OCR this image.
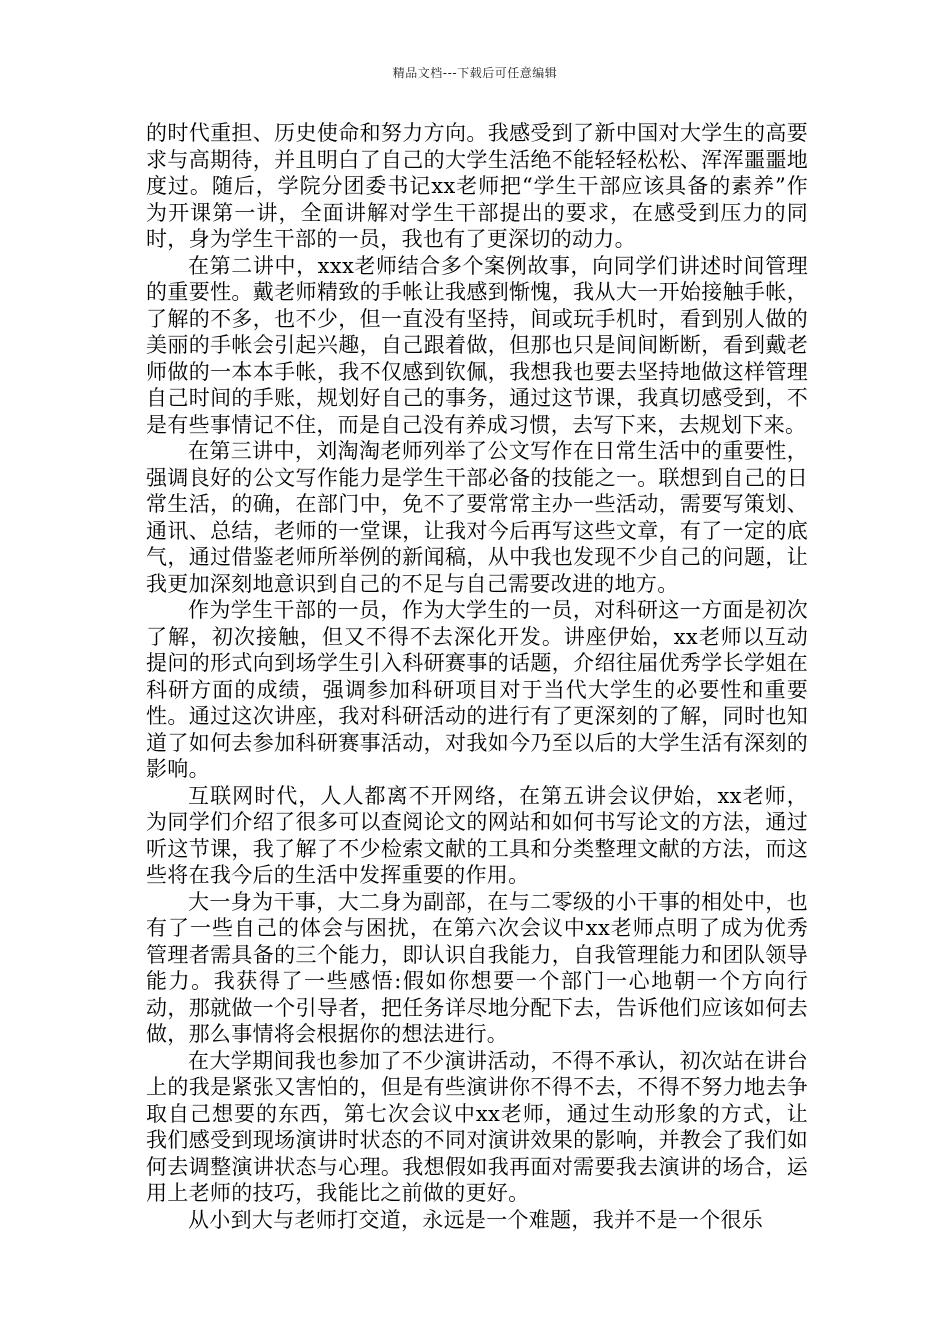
精品文档---下载后可任意编辑

的时代重担、历史使命和努力方向。我感受到了新中国对大学生的高要求与高期待，并且明白了自己的大学生活绝不能轻轻松松、浑浑噩噩地度过。随后，学院分团委书记xx老师把“学生干部应该具备的素养”作为开课第一讲，全面讲解对学生干部提出的要求，在感受到压力的同时，身为学生干部的一员，我也有了更深切的动力。

在第二讲中，xxx老师结合多个案例故事，向同学们讲述时间管理的重要性。戴老师精致的手帐让我感到惭愧，我从大一开始接触手帐，了解的不多，也不少，但一直没有坚持，间或玩手机时，看到别人做的美丽的手帐会引起兴趣，自己跟着做，但那也只是间间断断，看到戴老师做的一本本手帐，我不仅感到钦佩，我想我也要去坚持地做这样管理自己时间的手账，规划好自己的事务，通过这节课，我真切感受到，不是有些事情记不住，而是自己没有养成习惯，去写下来，去规划下来。

在第三讲中，刘淘淘老师列举了公文写作在日常生活中的重要性，强调良好的公文写作能力是学生干部必备的技能之一。联想到自己的日常生活，的确，在部门中，免不了要常常主办一些活动，需要写策划、通讯、总结，老师的一堂课，让我对今后再写这些文章，有了一定的底气，通过借鉴老师所举例的新闻稿，从中我也发现不少自己的问题，让我更加深刻地意识到自己的不足与自己需要改进的地方。

作为学生干部的一员，作为大学生的一员，对科研这一方面是初次了解，初次接触，但又不得不去深化开发。讲座伊始，xx老师以互动提问的形式向到场学生引入科研赛事的话题，介绍往届优秀学长学姐在科研方面的成绩，强调参加科研项目对于当代大学生的必要性和重要性。通过这次讲座，我对科研活动的进行有了更深刻的了解，同时也知道了如何去参加科研赛事活动，对我如今乃至以后的大学生活有深刻的影响。

互联网时代，人人都离不开网络，在第五讲会议伊始，xx老师，为同学们介绍了很多可以查阅论文的网站和如何书写论文的方法，通过听这节课，我了解了不少检索文献的工具和分类整理文献的方法，而这些将在我今后的生活中发挥重要的作用。

大一身为干事，大二身为副部，在与二零级的小干事的相处中，也有了一些自己的体会与困扰，在第六次会议中xx老师点明了成为优秀管理者需具备的三个能力，即认识自我能力，自我管理能力和团队领导能力。我获得了一些感悟:假如你想要一个部门一心地朝一个方向行动，那就做一个引导者，把任务详尽地分配下去，告诉他们应该如何去做，那么事情将会根据你的想法进行。

在大学期间我也参加了不少演讲活动，不得不承认，初次站在讲台上的我是紧张又害怕的，但是有些演讲你不得不去，不得不努力地去争取自己想要的东西，第七次会议中xx老师，通过生动形象的方式，让我们感受到现场演讲时状态的不同对演讲效果的影响，并教会了我们如何去调整演讲状态与心理。我想假如我再面对需要我去演讲的场合，运用上老师的技巧，我能比之前做的更好。

从小到大与老师打交道，永远是一个难题，我并不是一个很乐
